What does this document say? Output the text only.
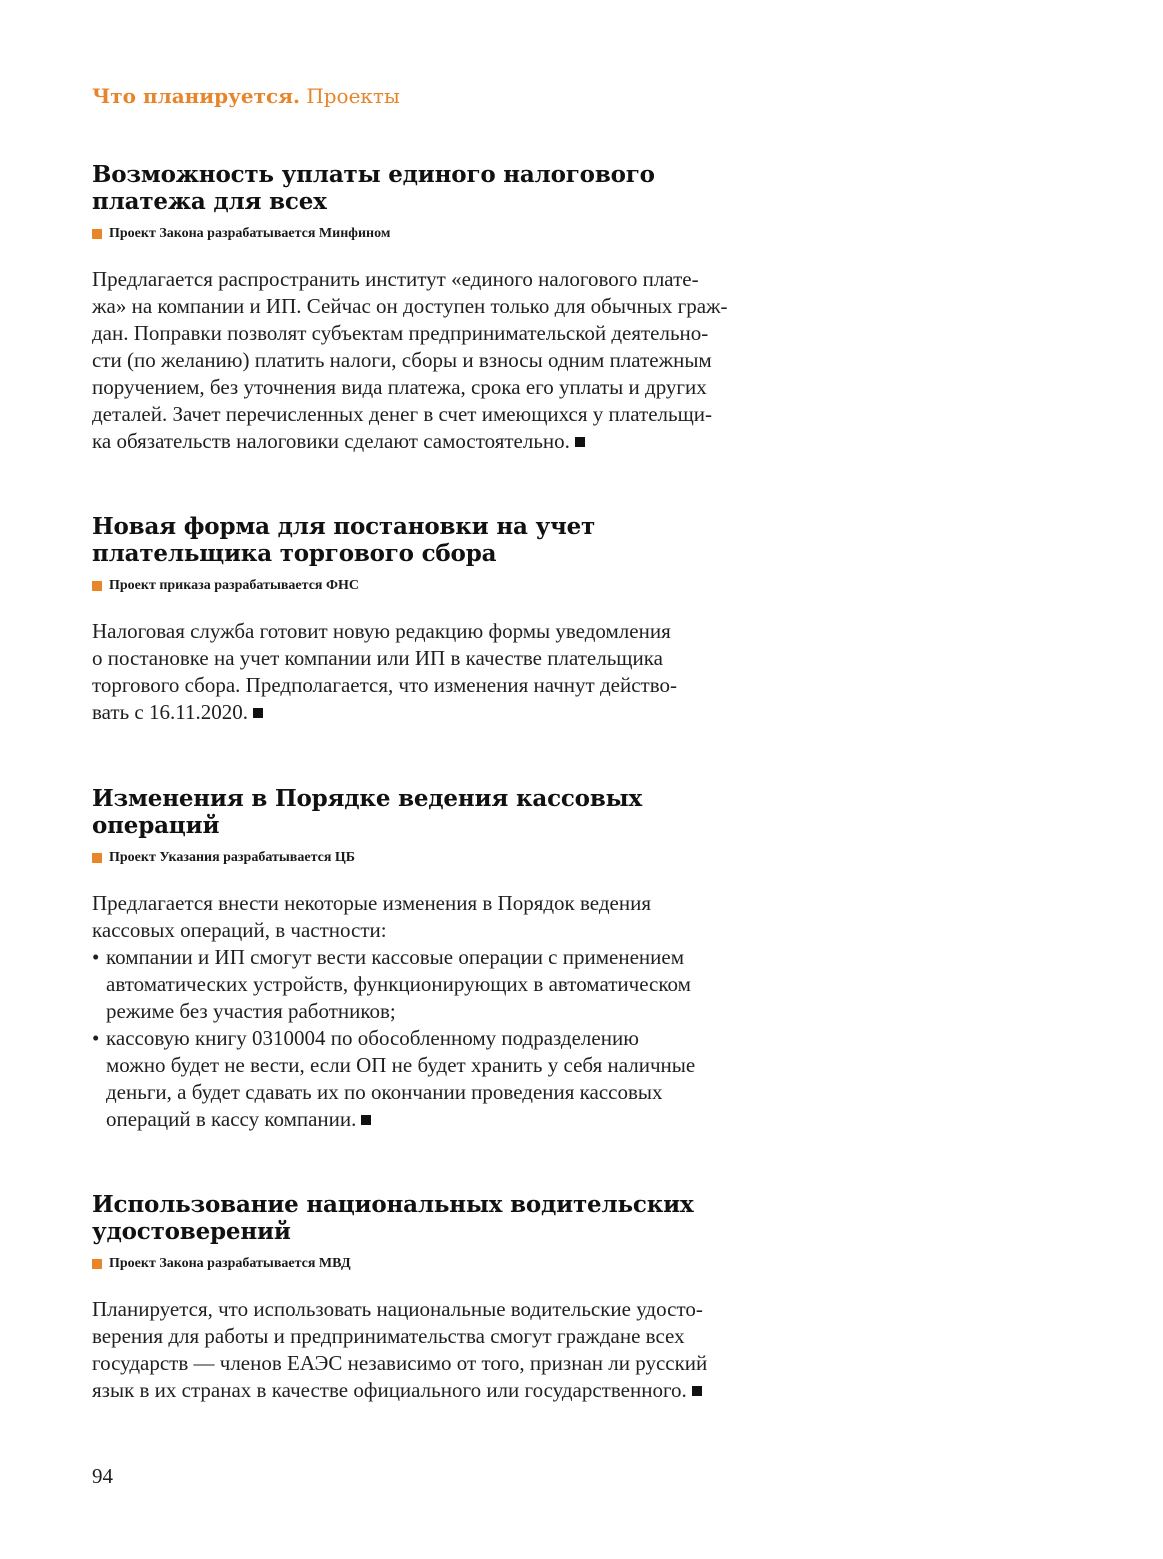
Что планируется. Проекты
Возможность уплаты единого налогового
платежа для всех
Проект Закона разрабатывается Минфином
Предлагается распространить институт «единого налогового плате-
жа» на компании и ИП. Сейчас он доступен только для обычных граж-
дан. Поправки позволят субъектам предпринимательской деятельно-
сти (по желанию) платить налоги, сборы и взносы одним платежным
поручением, без уточнения вида платежа, срока его уплаты и других
деталей. Зачет перечисленных денег в счет имеющихся у плательщи-
ка обязательств налоговики сделают самостоятельно.
Новая форма для постановки на учет
плательщика торгового сбора
Проект приказа разрабатывается ФНС
Налоговая служба готовит новую редакцию формы уведомления
о постановке на учет компании или ИП в качестве плательщика
торгового сбора. Предполагается, что изменения начнут действо-
вать с 16.11.2020.
Изменения в Порядке ведения кассовых
операций
Проект Указания разрабатывается ЦБ
Предлагается внести некоторые изменения в Порядок ведения
кассовых операций, в частности:
• компании и ИП смогут вести кассовые операции с применением
автоматических устройств, функционирующих в автоматическом
режиме без участия работников;
• кассовую книгу 0310004 по обособленному подразделению
можно будет не вести, если ОП не будет хранить у себя наличные
деньги, а будет сдавать их по окончании проведения кассовых
операций в кассу компании.
Использование национальных водительских
удостоверений
Проект Закона разрабатывается МВД
Планируется, что использовать национальные водительские удосто-
верения для работы и предпринимательства смогут граждане всех
государств — членов ЕАЭС независимо от того, признан ли русский
язык в их странах в качестве официального или государственного.
94
